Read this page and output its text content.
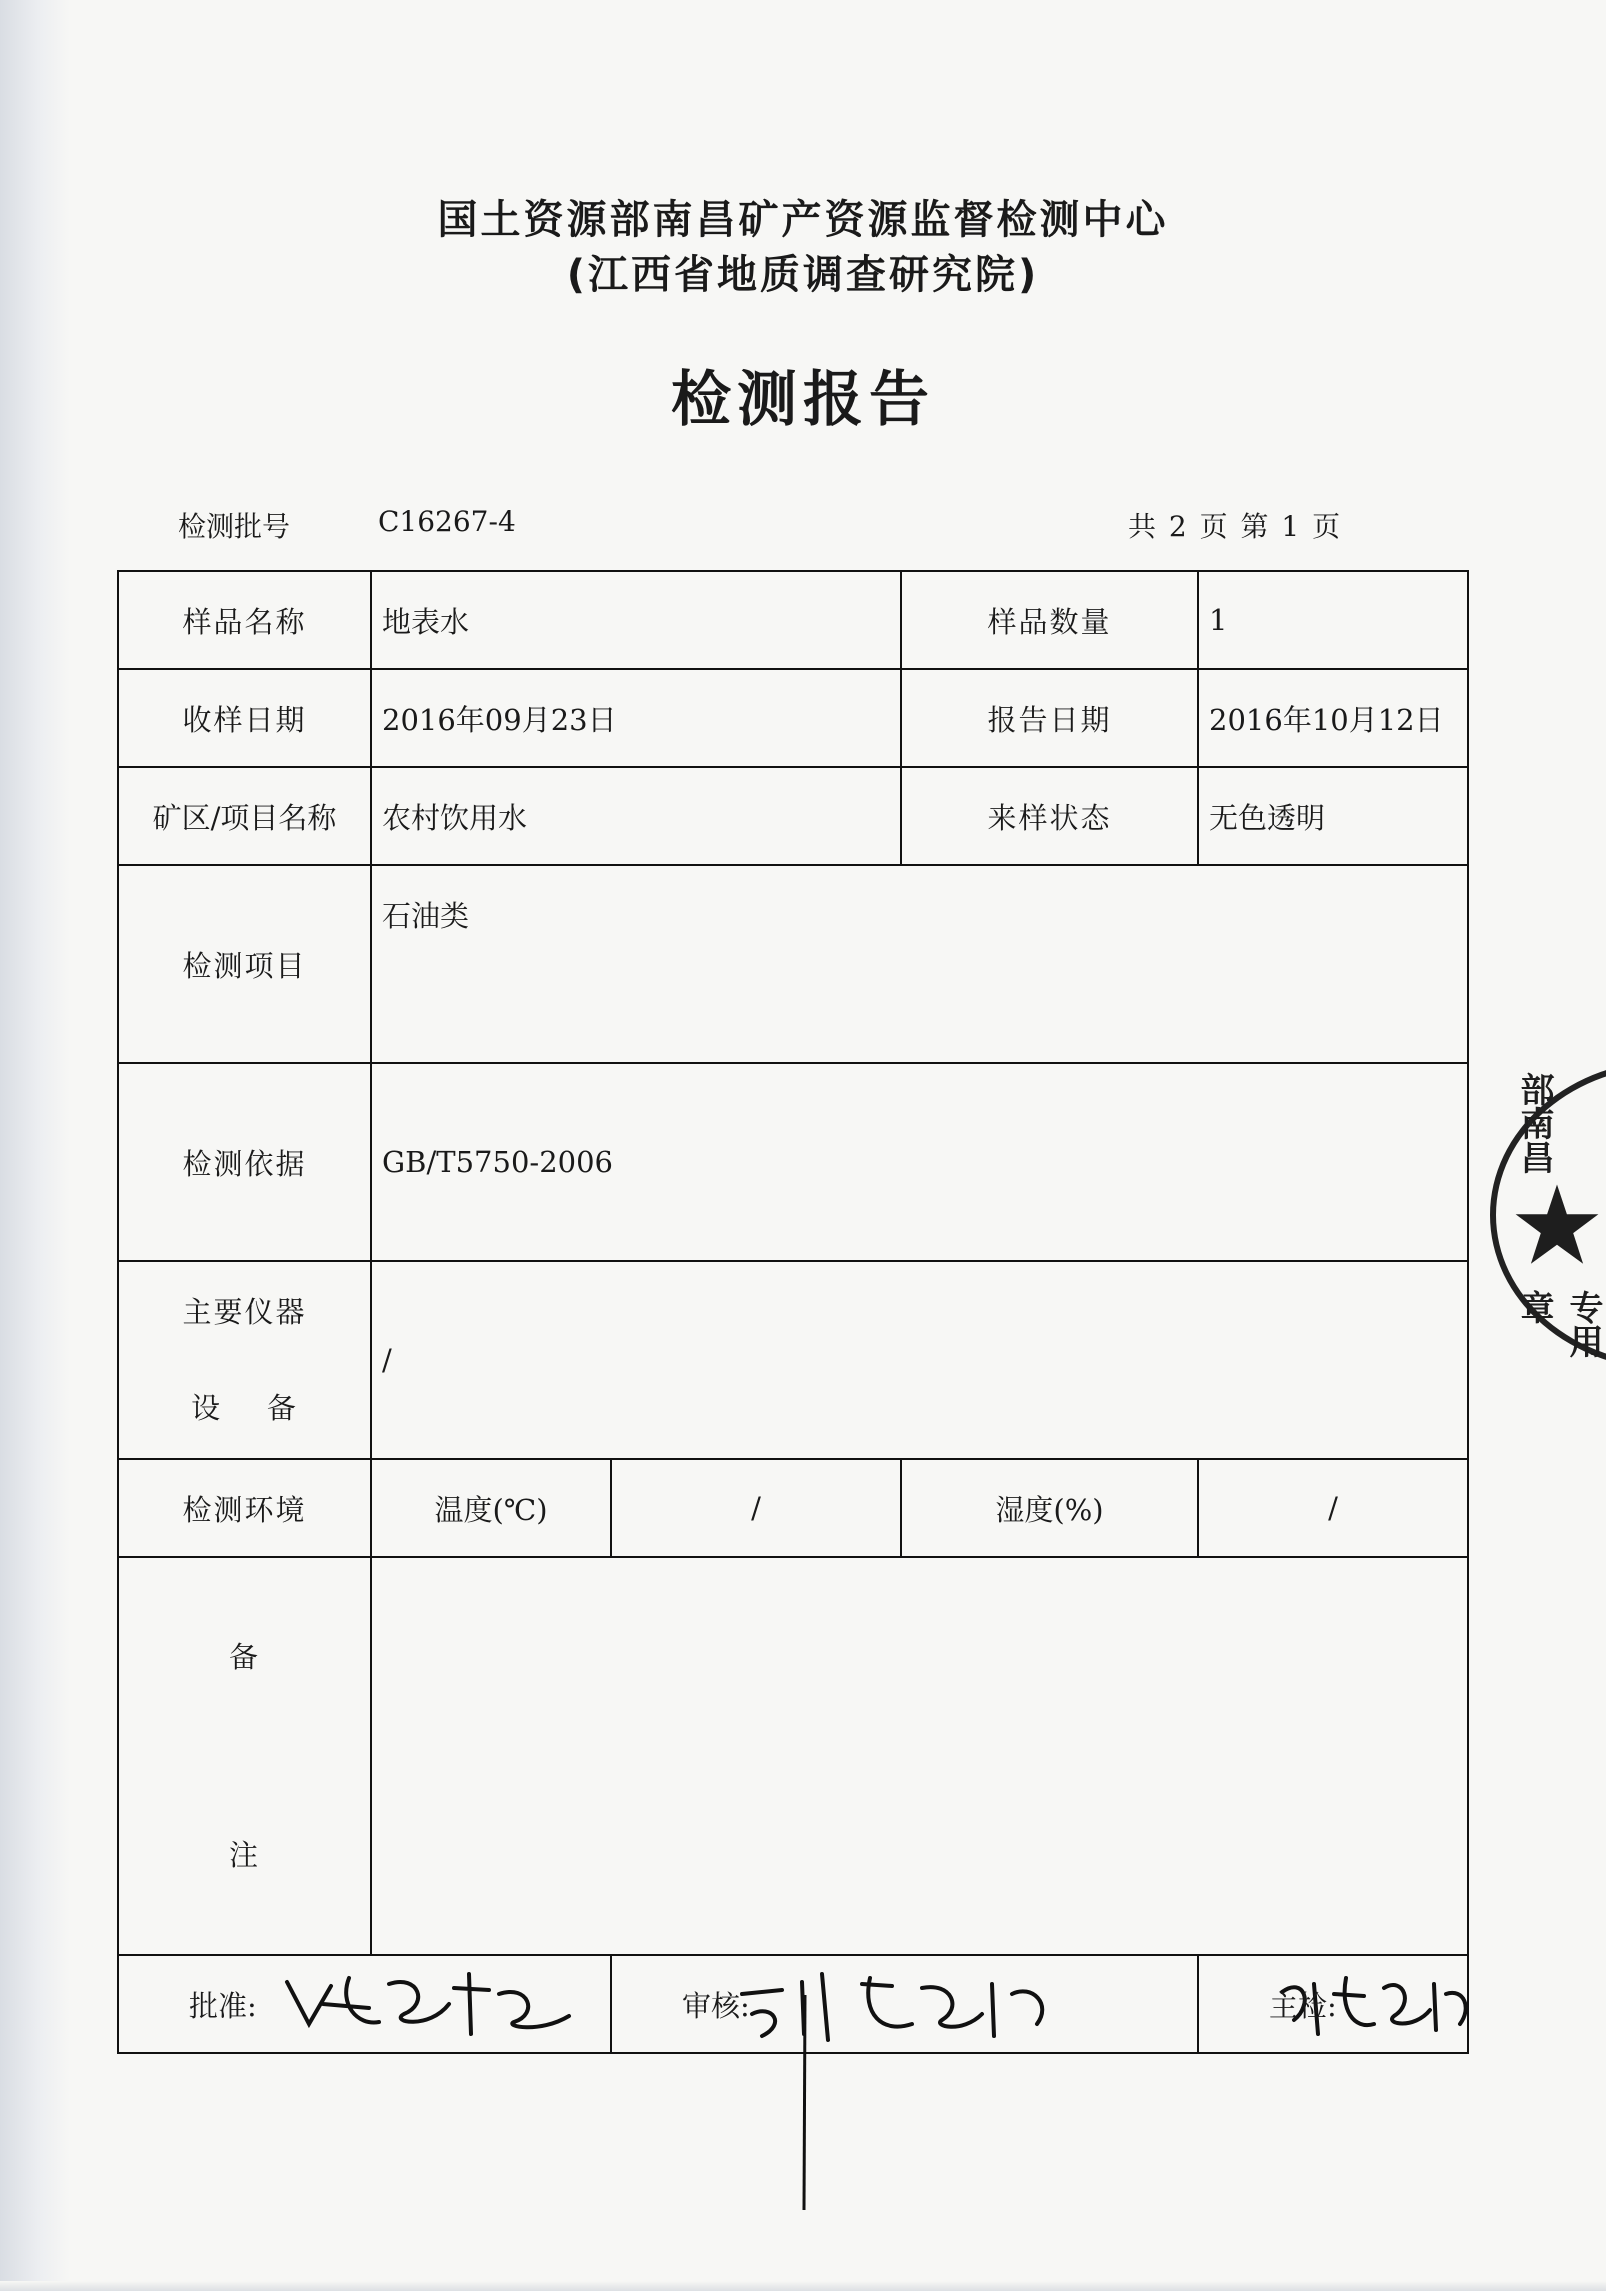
国土资源部南昌矿产资源监督检测中心
(江西省地质调查研究院)
检测报告
检测批号	C16267-4	共 2 页 第 1 页
样品名称	地表水		样品数量	1
收样日期	2016年09月23日		报告日期	2016年10月12日
矿区/项目名称	农村饮用水		来样状态	无色透明
检测项目	石油类			
检测依据	GB/T5750-2006			

主要仪器
设    备	/			
检测环境	温度(℃)	/	湿度(%)	/

备
注				

批准:		审核:		主检:
部南昌
专用章
